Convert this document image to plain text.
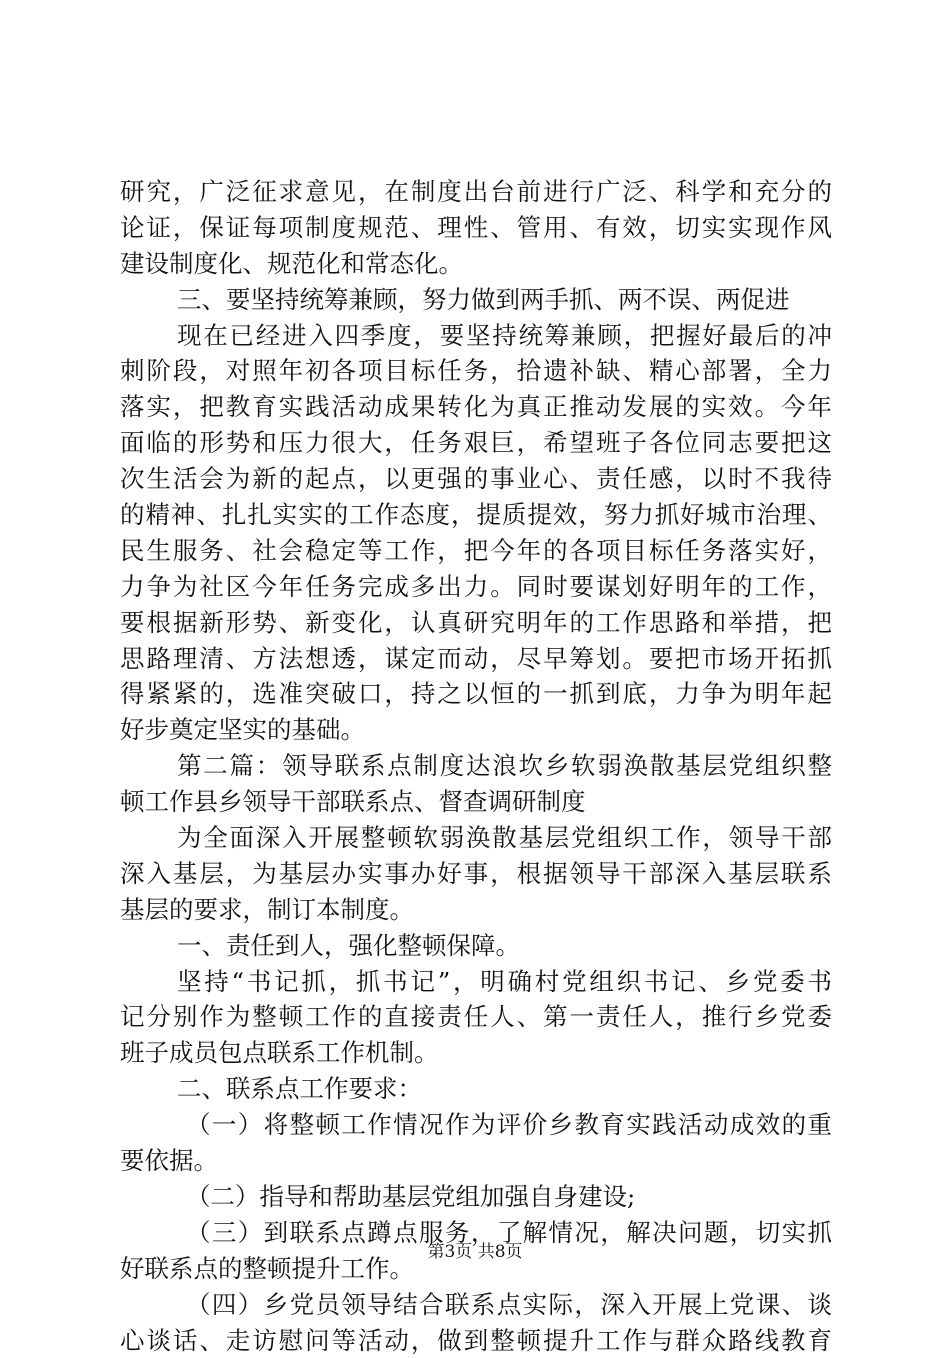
研究，广泛征求意见，在制度出台前进行广泛、科学和充分的
论证，保证每项制度规范、理性、管用、有效，切实实现作风
建设制度化、规范化和常态化。
三、要坚持统筹兼顾，努力做到两手抓、两不误、两促进
现在已经进入四季度，要坚持统筹兼顾，把握好最后的冲
刺阶段，对照年初各项目标任务，拾遗补缺、精心部署，全力
落实，把教育实践活动成果转化为真正推动发展的实效。今年
面临的形势和压力很大，任务艰巨，希望班子各位同志要把这
次生活会为新的起点，以更强的事业心、责任感，以时不我待
的精神、扎扎实实的工作态度，提质提效，努力抓好城市治理、
民生服务、社会稳定等工作，把今年的各项目标任务落实好，
力争为社区今年任务完成多出力。同时要谋划好明年的工作，
要根据新形势、新变化，认真研究明年的工作思路和举措，把
思路理清、方法想透，谋定而动，尽早筹划。要把市场开拓抓
得紧紧的，选准突破口，持之以恒的一抓到底，力争为明年起
好步奠定坚实的基础。
第二篇：领导联系点制度达浪坎乡软弱涣散基层党组织整
顿工作县乡领导干部联系点、督查调研制度
为全面深入开展整顿软弱涣散基层党组织工作，领导干部
深入基层，为基层办实事办好事，根据领导干部深入基层联系
基层的要求，制订本制度。
一、责任到人，强化整顿保障。
坚持“书记抓，抓书记”，明确村党组织书记、乡党委书
记分别作为整顿工作的直接责任人、第一责任人，推行乡党委
班子成员包点联系工作机制。
二、联系点工作要求：
（一）将整顿工作情况作为评价乡教育实践活动成效的重
要依据。
（二）指导和帮助基层党组加强自身建设;
（三）到联系点蹲点服务，了解情况，解决问题，切实抓
好联系点的整顿提升工作。
（四）乡党员领导结合联系点实际，深入开展上党课、谈
心谈话、走访慰问等活动，做到整顿提升工作与群众路线教育
第3页 共8页
